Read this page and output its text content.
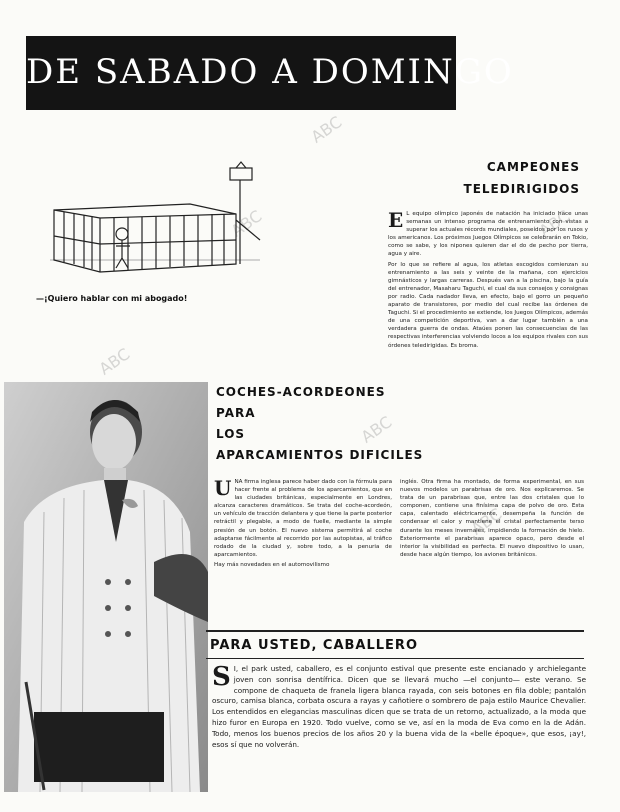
DE SABADO A DOMINGO
ABC
ABC
ABC
ABC
ABC
ABC
CAMPEONES
TELEDIRIGIDOS

E L equipo olímpico japonés de natación ha iniciado hace unas semanas un intenso programa de entrenamiento con vistas a superar los actuales récords mundiales, poseídos por los rusos y los americanos. Los próximos Juegos Olímpicos se celebrarán en Tokio, como se sabe, y los nipones quieren dar el do de pecho por tierra, agua y aire.

Por lo que se refiere al agua, los atletas escogidos comienzan su entrenamiento a las seis y veinte de la mañana, con ejercicios gimnásticos y largas carreras. Después van a la piscina, bajo la guía del entrenador, Masaharu Taguchi, el cual da sus consejos y consignas por radio. Cada nadador lleva, en efecto, bajo el gorro un pequeño aparato de transistores, por medio del cual recibe las órdenes de Taguchi. Si el procedimiento se extiende, los Juegos Olímpicos, además de una competición deportiva, van a dar lugar también a una verdadera guerra de ondas. Ataúes ponen las consecuencias de las respectivas interferencias volviendo locos a los equipos rivales con sus órdenes teledirigidas. Es broma.

—¡Quiero hablar con mi abogado!
COCHES-ACORDEONES
PARA
LOS
APARCAMIENTOS DIFICILES

U NA firma inglesa parece haber dado con la fórmula para hacer frente al problema de los aparcamientos, que en las ciudades británicas, especialmente en Londres, alcanza caracteres dramáticos. Se trata del coche-acordeón, un vehículo de tracción delantera y que tiene la parte posterior retráctil y plegable, a modo de fuelle, mediante la simple presión de un botón. El nuevo sistema permitirá al coche adaptarse fácilmente al recorrido por las autopistas, al tráfico rodado de la ciudad y, sobre todo, a la penuria de aparcamientos.

Hay más novedades en el automovilismo

inglés. Otra firma ha montado, de forma experimental, en sus nuevos modelos un parabrisas de oro. Nos explicaremos. Se trata de un parabrisas que, entre las dos cristales que lo componen, contiene una finísima capa de polvo de oro. Esta capa, calentado eléctricamente, desempeña la función de condensar el calor y mantiene el cristal perfectamente terso durante los meses invernales, impidiendo la formación de hielo. Exteriormente el parabrisas aparece opaco, pero desde el interior la visibilidad es perfecta. El nuevo dispositivo lo usan, desde hace algún tiempo, los aviones británicos.

PARA USTED, CABALLERO

S I, el park usted, caballero, es el conjunto estival que presente este encianado y archielegante joven con sonrisa dentífrica. Dicen que se llevará mucho —el conjunto— este verano. Se compone de chaqueta de franela ligera blanca rayada, con seis botones en fila doble; pantalón oscuro, camisa blanca, corbata oscura a rayas y cañotiere o sombrero de paja estilo Maurice Chevalier. Los entendidos en elegancias masculinas dicen que se trata de un retorno, actualizado, a la moda que hizo furor en Europa en 1920. Todo vuelve, como se ve, así en la moda de Eva como en la de Adán. Todo, menos los buenos precios de los años 20 y la buena vida de la «belle époque», que esos, ¡ay!, esos sí que no volverán.
